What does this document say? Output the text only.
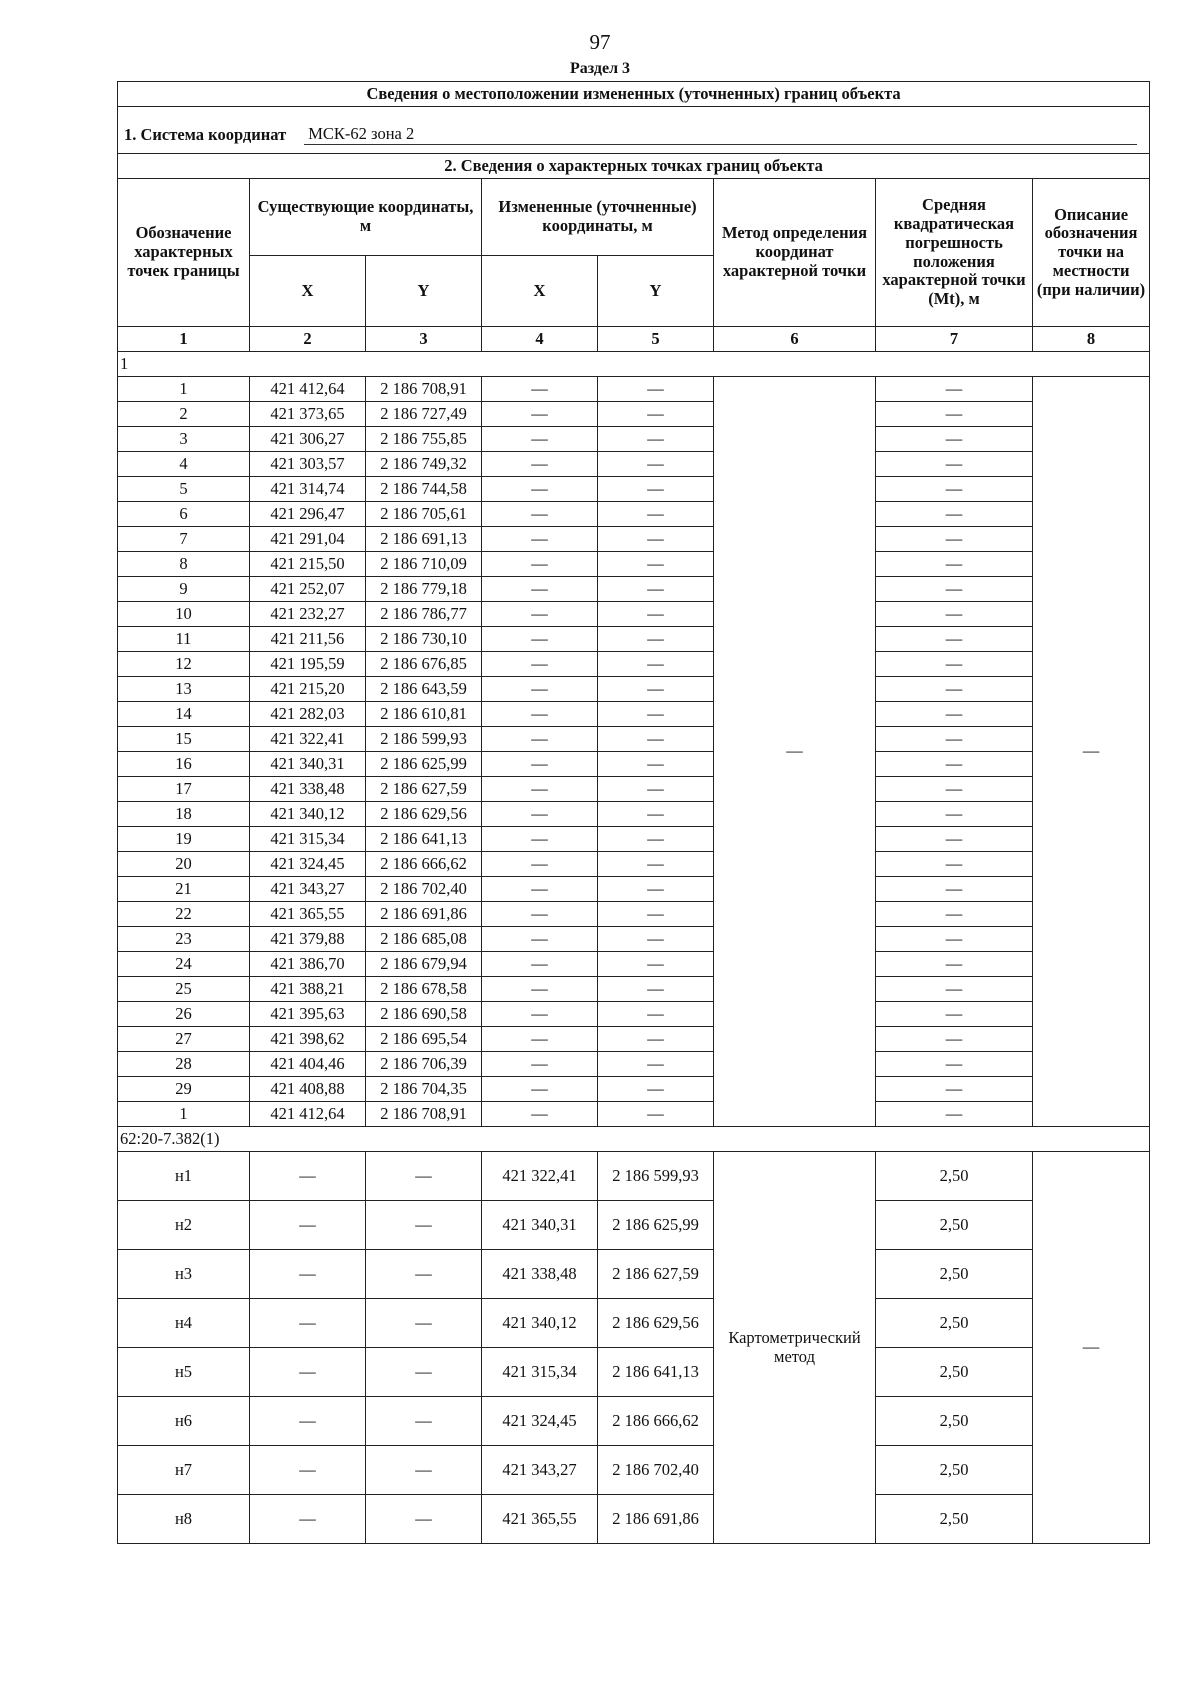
97
Раздел 3
Сведения о местоположении измененных (уточненных) границ объекта							

1. Система координат МСК-62 зона 2							

2. Сведения о характерных точках границ объекта							
Обозначение характерных точек границы	Существующие координаты, м		Измененные (уточненные) координаты, м		Метод определения координат характерной точки	Средняя квадратическая погрешность положения характерной точки (Mt), м	Описание обозначения точки на местности (при наличии)
	X	Y	X	Y			
1	2	3	4	5	6	7	8
1							
1	421 412,64	2 186 708,91	—	—	—	—	—
2	421 373,65	2 186 727,49	—	—		—	
3	421 306,27	2 186 755,85	—	—		—	
4	421 303,57	2 186 749,32	—	—		—	
5	421 314,74	2 186 744,58	—	—		—	
6	421 296,47	2 186 705,61	—	—		—	
7	421 291,04	2 186 691,13	—	—		—	
8	421 215,50	2 186 710,09	—	—		—	
9	421 252,07	2 186 779,18	—	—		—	
10	421 232,27	2 186 786,77	—	—		—	
11	421 211,56	2 186 730,10	—	—		—	
12	421 195,59	2 186 676,85	—	—		—	
13	421 215,20	2 186 643,59	—	—		—	
14	421 282,03	2 186 610,81	—	—		—	
15	421 322,41	2 186 599,93	—	—		—	
16	421 340,31	2 186 625,99	—	—		—	
17	421 338,48	2 186 627,59	—	—		—	
18	421 340,12	2 186 629,56	—	—		—	
19	421 315,34	2 186 641,13	—	—		—	
20	421 324,45	2 186 666,62	—	—		—	
21	421 343,27	2 186 702,40	—	—		—	
22	421 365,55	2 186 691,86	—	—		—	
23	421 379,88	2 186 685,08	—	—		—	
24	421 386,70	2 186 679,94	—	—		—	
25	421 388,21	2 186 678,58	—	—		—	
26	421 395,63	2 186 690,58	—	—		—	
27	421 398,62	2 186 695,54	—	—		—	
28	421 404,46	2 186 706,39	—	—		—	
29	421 408,88	2 186 704,35	—	—		—	
1	421 412,64	2 186 708,91	—	—		—	
62:20-7.382(1)							
н1	—	—	421 322,41	2 186 599,93	Картометрический метод	2,50	—
н2	—	—	421 340,31	2 186 625,99		2,50	
н3	—	—	421 338,48	2 186 627,59		2,50	
н4	—	—	421 340,12	2 186 629,56		2,50	
н5	—	—	421 315,34	2 186 641,13		2,50	
н6	—	—	421 324,45	2 186 666,62		2,50	
н7	—	—	421 343,27	2 186 702,40		2,50	
н8	—	—	421 365,55	2 186 691,86		2,50	
